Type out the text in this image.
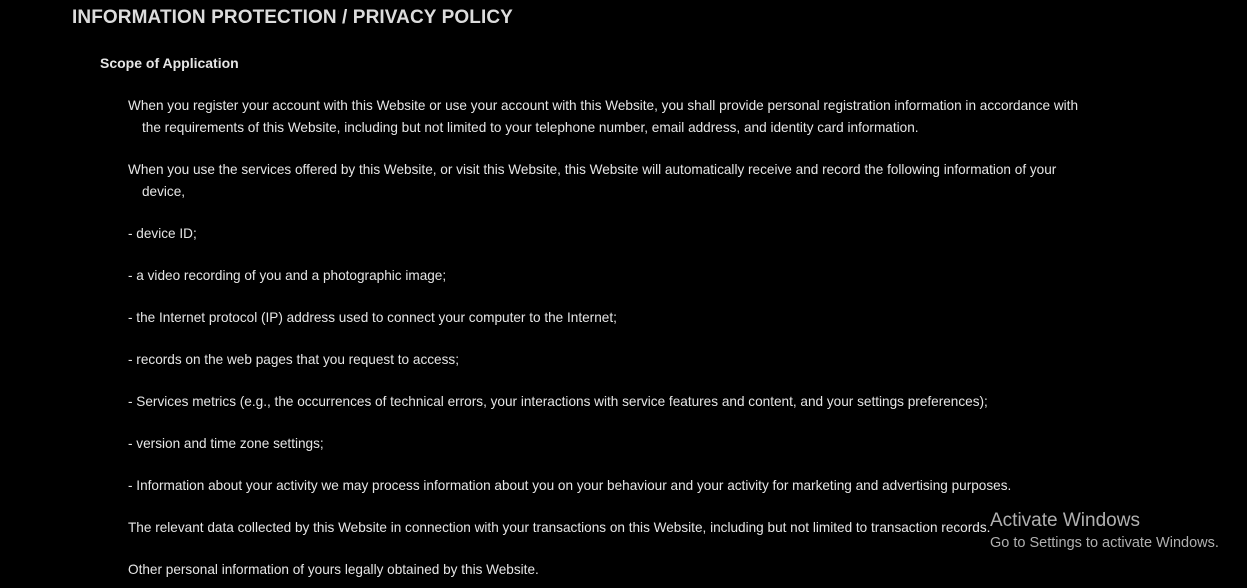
INFORMATION PROTECTION / PRIVACY POLICY
Scope of Application

When you register your account with this Website or use your account with this Website, you shall provide personal registration information in accordance with
the requirements of this Website, including but not limited to your telephone number, email address, and identity card information.

When you use the services offered by this Website, or visit this Website, this Website will automatically receive and record the following information of your
device,

- device ID;

- a video recording of you and a photographic image;

- the Internet protocol (IP) address used to connect your computer to the Internet;

- records on the web pages that you request to access;

- Services metrics (e.g., the occurrences of technical errors, your interactions with service features and content, and your settings preferences);

- version and time zone settings;

- Information about your activity we may process information about you on your behaviour and your activity for marketing and advertising purposes.

The relevant data collected by this Website in connection with your transactions on this Website, including but not limited to transaction records.

Other personal information of yours legally obtained by this Website.

Activate Windows
Go to Settings to activate Windows.
